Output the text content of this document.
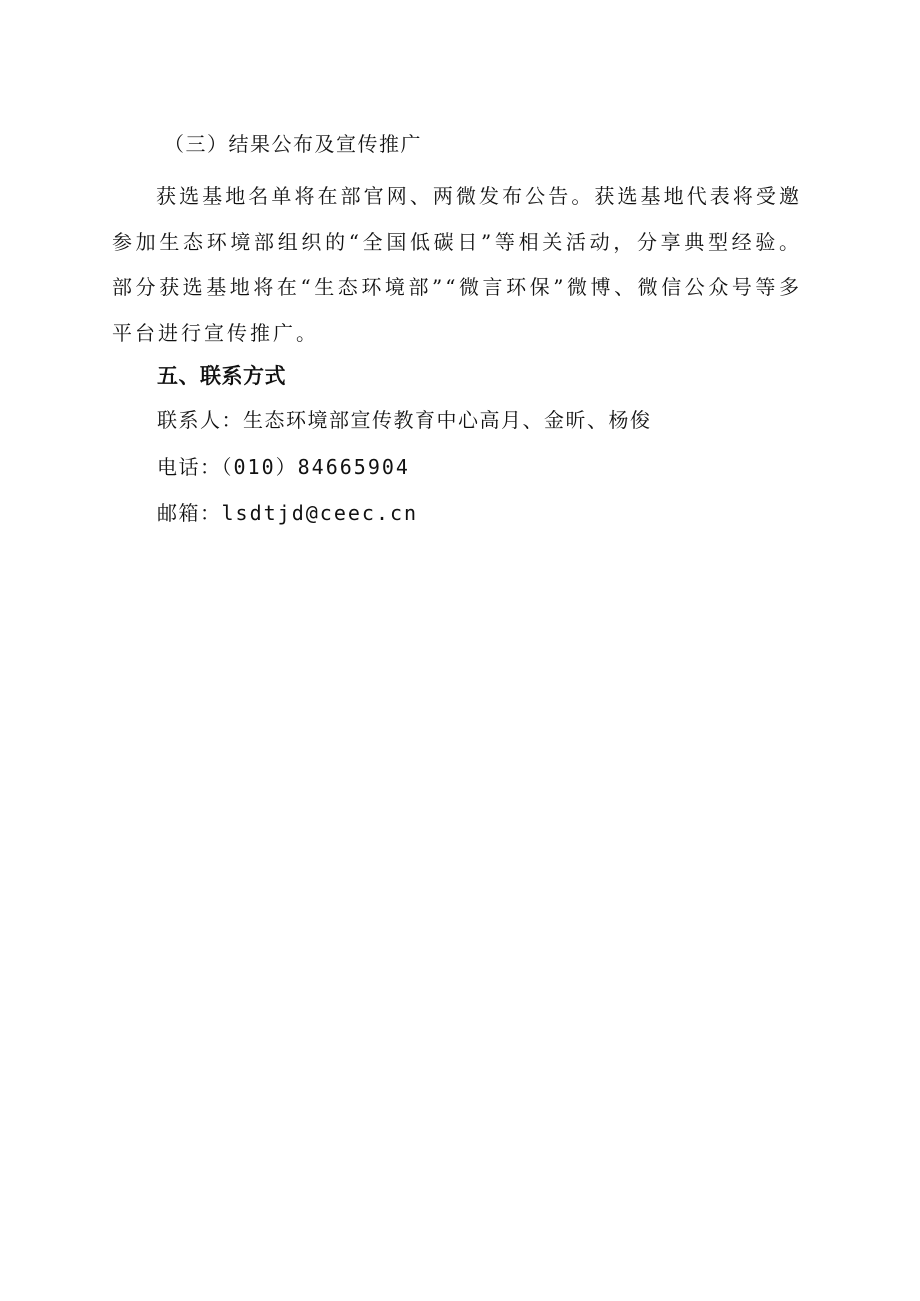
（三）结果公布及宣传推广
获选基地名单将在部官网、两微发布公告。获选基地代表将受邀参加生态环境部组织的“全国低碳日”等相关活动，分享典型经验。部分获选基地将在“生态环境部”“微言环保”微博、微信公众号等多平台进行宣传推广。
五、联系方式
联系人：生态环境部宣传教育中心高月、金昕、杨俊
电话：（010）84665904
邮箱：lsdtjd@ceec.cn
